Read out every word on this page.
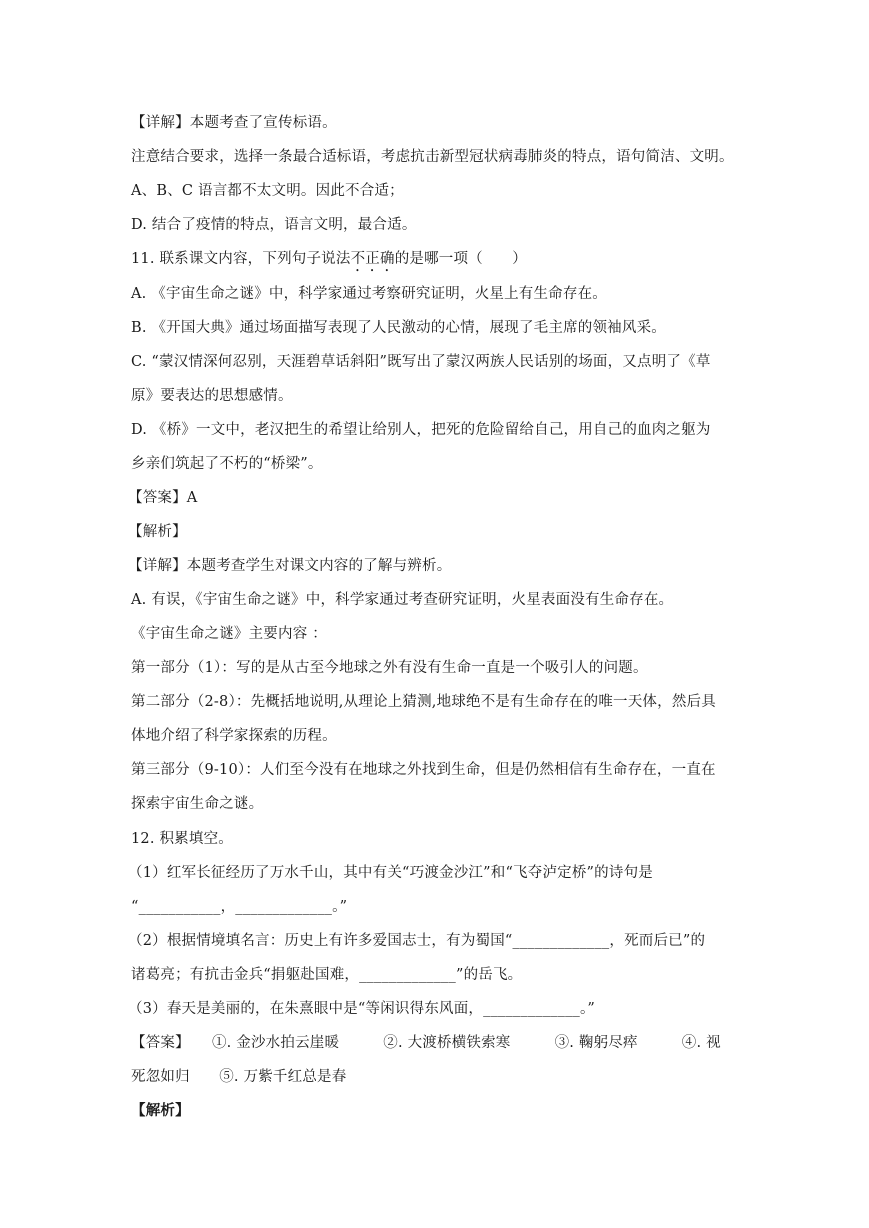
【详解】本题考查了宣传标语。
注意结合要求，选择一条最合适标语，考虑抗击新型冠状病毒肺炎的特点，语句简洁、文明。
A、B、C 语言都不太文明。因此不合适；
D. 结合了疫情的特点，语言文明，最合适。
11. 联系课文内容，下列句子说法不正确的是哪一项（　　）
A. 《宇宙生命之谜》中，科学家通过考察研究证明，火星上有生命存在。
B. 《开国大典》通过场面描写表现了人民激动的心情，展现了毛主席的领袖风采。
C. “蒙汉情深何忍别，天涯碧草话斜阳”既写出了蒙汉两族人民话别的场面，又点明了《草
原》要表达的思想感情。
D. 《桥》一文中，老汉把生的希望让给别人，把死的危险留给自己，用自己的血肉之躯为
乡亲们筑起了不朽的“桥梁”。
【答案】A
【解析】
【详解】本题考查学生对课文内容的了解与辨析。
A. 有误，《宇宙生命之谜》中，科学家通过考查研究证明，火星表面没有生命存在。
《宇宙生命之谜》主要内容 ：
第一部分（1）：写的是从古至今地球之外有没有生命一直是一个吸引人的问题。
第二部分（2-8）：先概括地说明,从理论上猜测,地球绝不是有生命存在的唯一天体，然后具
体地介绍了科学家探索的历程。
第三部分（9-10）：人们至今没有在地球之外找到生命，但是仍然相信有生命存在，一直在
探索宇宙生命之谜。
12. 积累填空。
（1）红军长征经历了万水千山，其中有关“巧渡金沙江”和“飞夺泸定桥”的诗句是
“___________，_____________。”
（2）根据情境填名言：历史上有许多爱国志士，有为蜀国“_____________，死而后已”的
诸葛亮；有抗击金兵“捐躯赴国难，_____________”的岳飞。
（3）春天是美丽的，在朱熹眼中是“等闲识得东风面，_____________。”
【答案】　　①. 金沙水拍云崖暖　　　②. 大渡桥横铁索寒　　　③. 鞠躬尽瘁　　　④. 视
死忽如归　　⑤. 万紫千红总是春
【解析】
